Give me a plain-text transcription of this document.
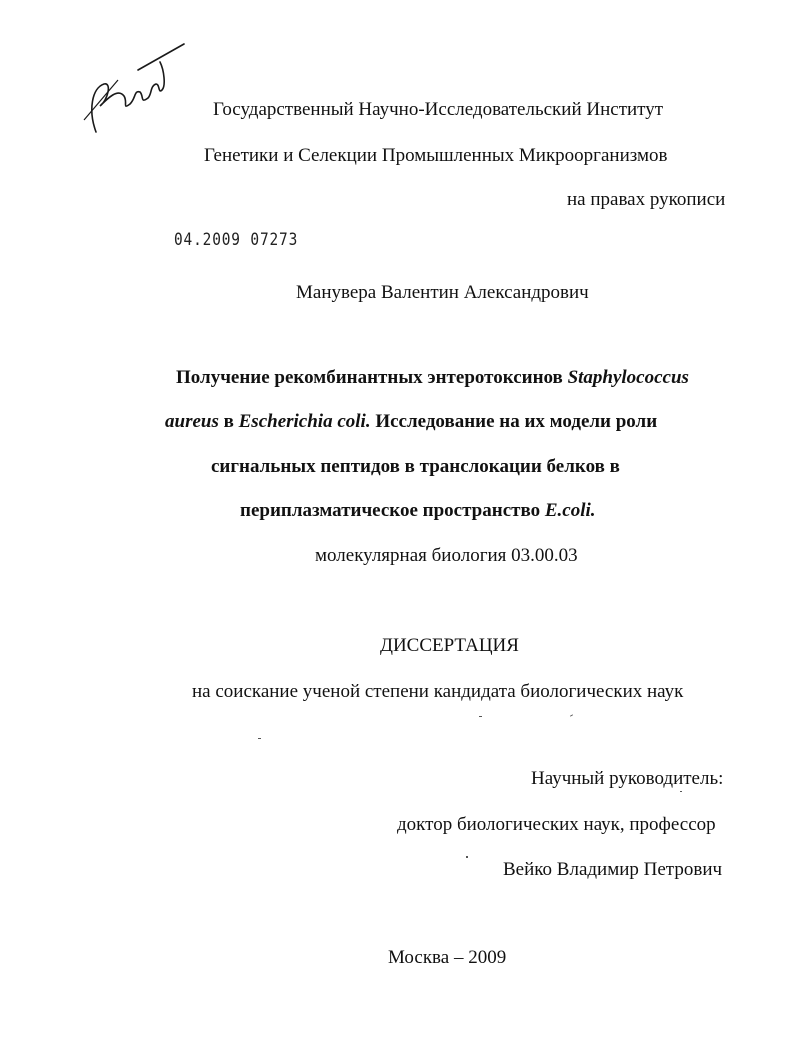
Государственный Научно-Исследовательский Институт
Генетики и Селекции Промышленных Микроорганизмов
на правах рукописи
04.2009 07273
Манувера Валентин Александрович
Получение рекомбинантных энтеротоксинов Staphylococcus
aureus в Escherichia coli. Исследование на их модели роли
сигнальных пептидов в транслокации белков в
периплазматическое пространство E.coli.
молекулярная биология 03.00.03
ДИССЕРТАЦИЯ
на соискание ученой степени кандидата биологических наук
Научный руководитель:
доктор биологических наук, профессор
Вейко Владимир Петрович
Москва – 2009
